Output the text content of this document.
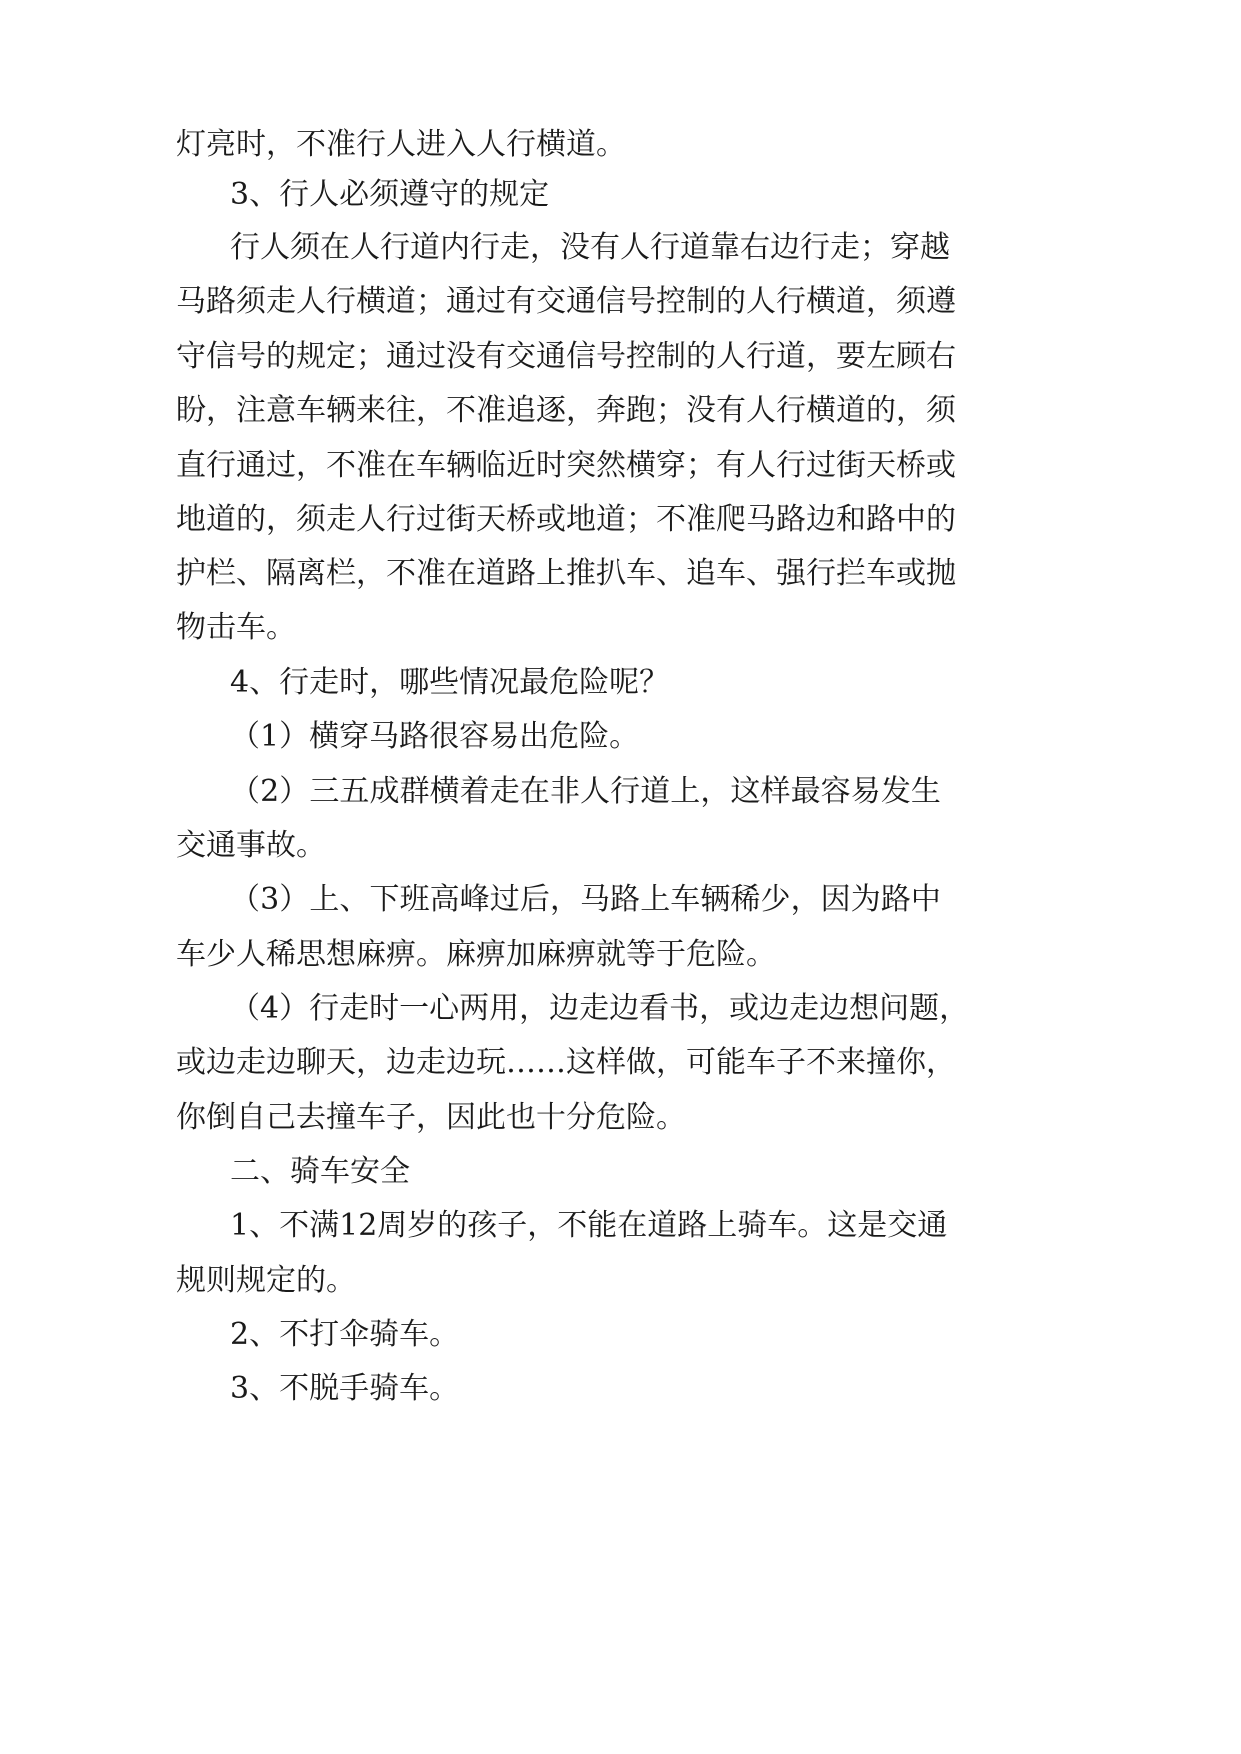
灯亮时，不准行人进入人行横道。
3、行人必须遵守的规定
行 人 须 在 人 行 道 内 行 走 ， 没 有 人 行 道 靠 右 边 行 走 ； 穿 越
马 路 须 走 人 行 横 道 ； 通 过 有 交 通 信 号 控 制 的 人 行 横 道 ， 须 遵
守 信 号 的 规 定 ； 通 过 没 有 交 通 信 号 控 制 的 人 行 道 ， 要 左 顾 右
盼 ， 注 意 车 辆 来 往 ， 不 准 追 逐 ， 奔 跑 ； 没 有 人 行 横 道 的 ， 须
直 行 通 过 ， 不 准 在 车 辆 临 近 时 突 然 横 穿 ； 有 人 行 过 街 天 桥 或
地 道 的 ， 须 走 人 行 过 街 天 桥 或 地 道 ； 不 准 爬 马 路 边 和 路 中 的
护 栏 、 隔 离 栏 ， 不 准 在 道 路 上 推 扒 车 、 追 车 、 强 行 拦 车 或 抛
物击车。
4、行走时，哪些情况最危险呢？
（1）横穿马路很容易出危险。
（ 2 ） 三 五 成 群 横 着 走 在 非 人 行 道 上 ， 这 样 最 容 易 发 生
交通事故。
（ 3 ） 上 、 下 班 高 峰 过 后 ， 马 路 上 车 辆 稀 少 ， 因 为 路 中
车少人稀思想麻痹。麻痹加麻痹就等于危险。
（ 4 ） 行 走 时 一 心 两 用 ， 边 走 边 看 书 ， 或 边 走 边 想 问 题 ，
或 边 走 边 聊 天 ， 边 走 边 玩 … … 这 样 做 ， 可 能 车 子 不 来 撞 你 ，
你倒自己去撞车子，因此也十分危险。
二、骑车安全
1 、 不 满 1 2 周 岁 的 孩 子 ， 不 能 在 道 路 上 骑 车 。 这 是 交 通
规则规定的。
2、不打伞骑车。
3、不脱手骑车。
